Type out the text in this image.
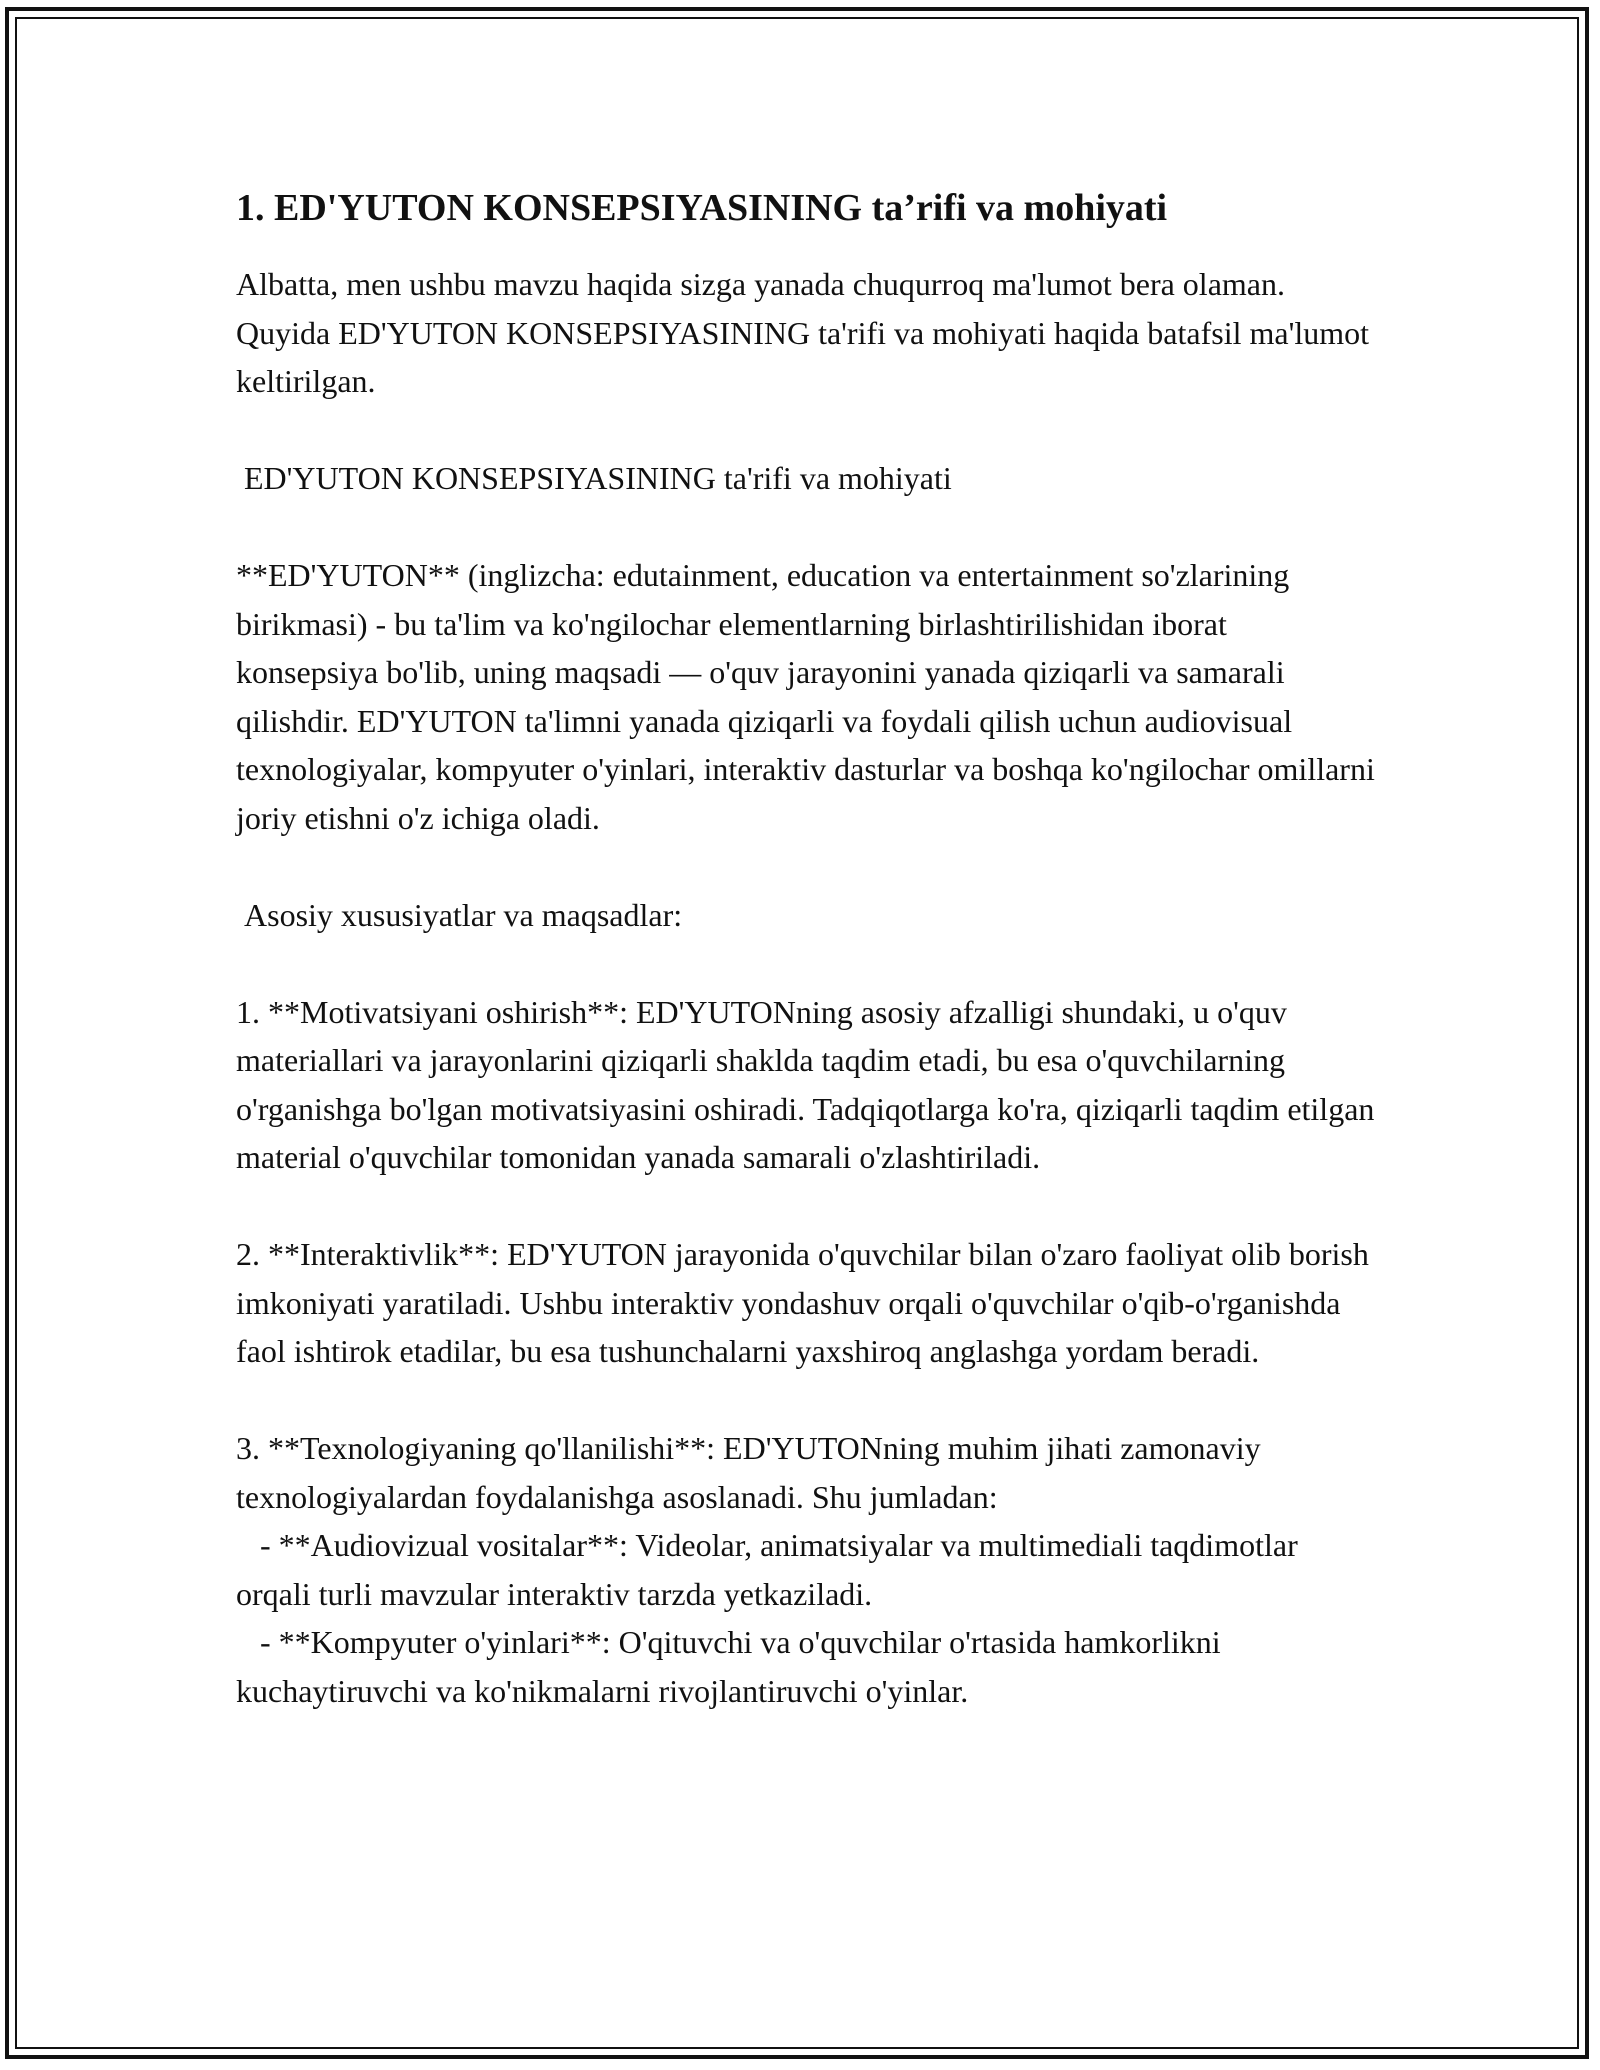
1. ED'YUTON KONSEPSIYASINING ta’rifi va mohiyati

Albatta, men ushbu mavzu haqida sizga yanada chuqurroq ma'lumot bera olaman. Quyida ED'YUTON KONSEPSIYASINING ta'rifi va mohiyati haqida batafsil ma'lumot keltirilgan.

ED'YUTON KONSEPSIYASINING ta'rifi va mohiyati

**ED'YUTON** (inglizcha: edutainment, education va entertainment so'zlarining birikmasi) - bu ta'lim va ko'ngilochar elementlarning birlashtirilishidan iborat konsepsiya bo'lib, uning maqsadi — o'quv jarayonini yanada qiziqarli va samarali qilishdir. ED'YUTON ta'limni yanada qiziqarli va foydali qilish uchun audiovisual texnologiyalar, kompyuter o'yinlari, interaktiv dasturlar va boshqa ko'ngilochar omillarni joriy etishni o'z ichiga oladi.

Asosiy xususiyatlar va maqsadlar:

1. **Motivatsiyani oshirish**: ED'YUTONning asosiy afzalligi shundaki, u o'quv materiallari va jarayonlarini qiziqarli shaklda taqdim etadi, bu esa o'quvchilarning o'rganishga bo'lgan motivatsiyasini oshiradi. Tadqiqotlarga ko'ra, qiziqarli taqdim etilgan material o'quvchilar tomonidan yanada samarali o'zlashtiriladi.

2. **Interaktivlik**: ED'YUTON jarayonida o'quvchilar bilan o'zaro faoliyat olib borish imkoniyati yaratiladi. Ushbu interaktiv yondashuv orqali o'quvchilar o'qib-o'rganishda faol ishtirok etadilar, bu esa tushunchalarni yaxshiroq anglashga yordam beradi.

3. **Texnologiyaning qo'llanilishi**: ED'YUTONning muhim jihati zamonaviy texnologiyalardan foydalanishga asoslanadi. Shu jumladan:
- **Audiovizual vositalar**: Videolar, animatsiyalar va multimediali taqdimotlar orqali turli mavzular interaktiv tarzda yetkaziladi.
- **Kompyuter o'yinlari**: O'qituvchi va o'quvchilar o'rtasida hamkorlikni kuchaytiruvchi va ko'nikmalarni rivojlantiruvchi o'yinlar.
